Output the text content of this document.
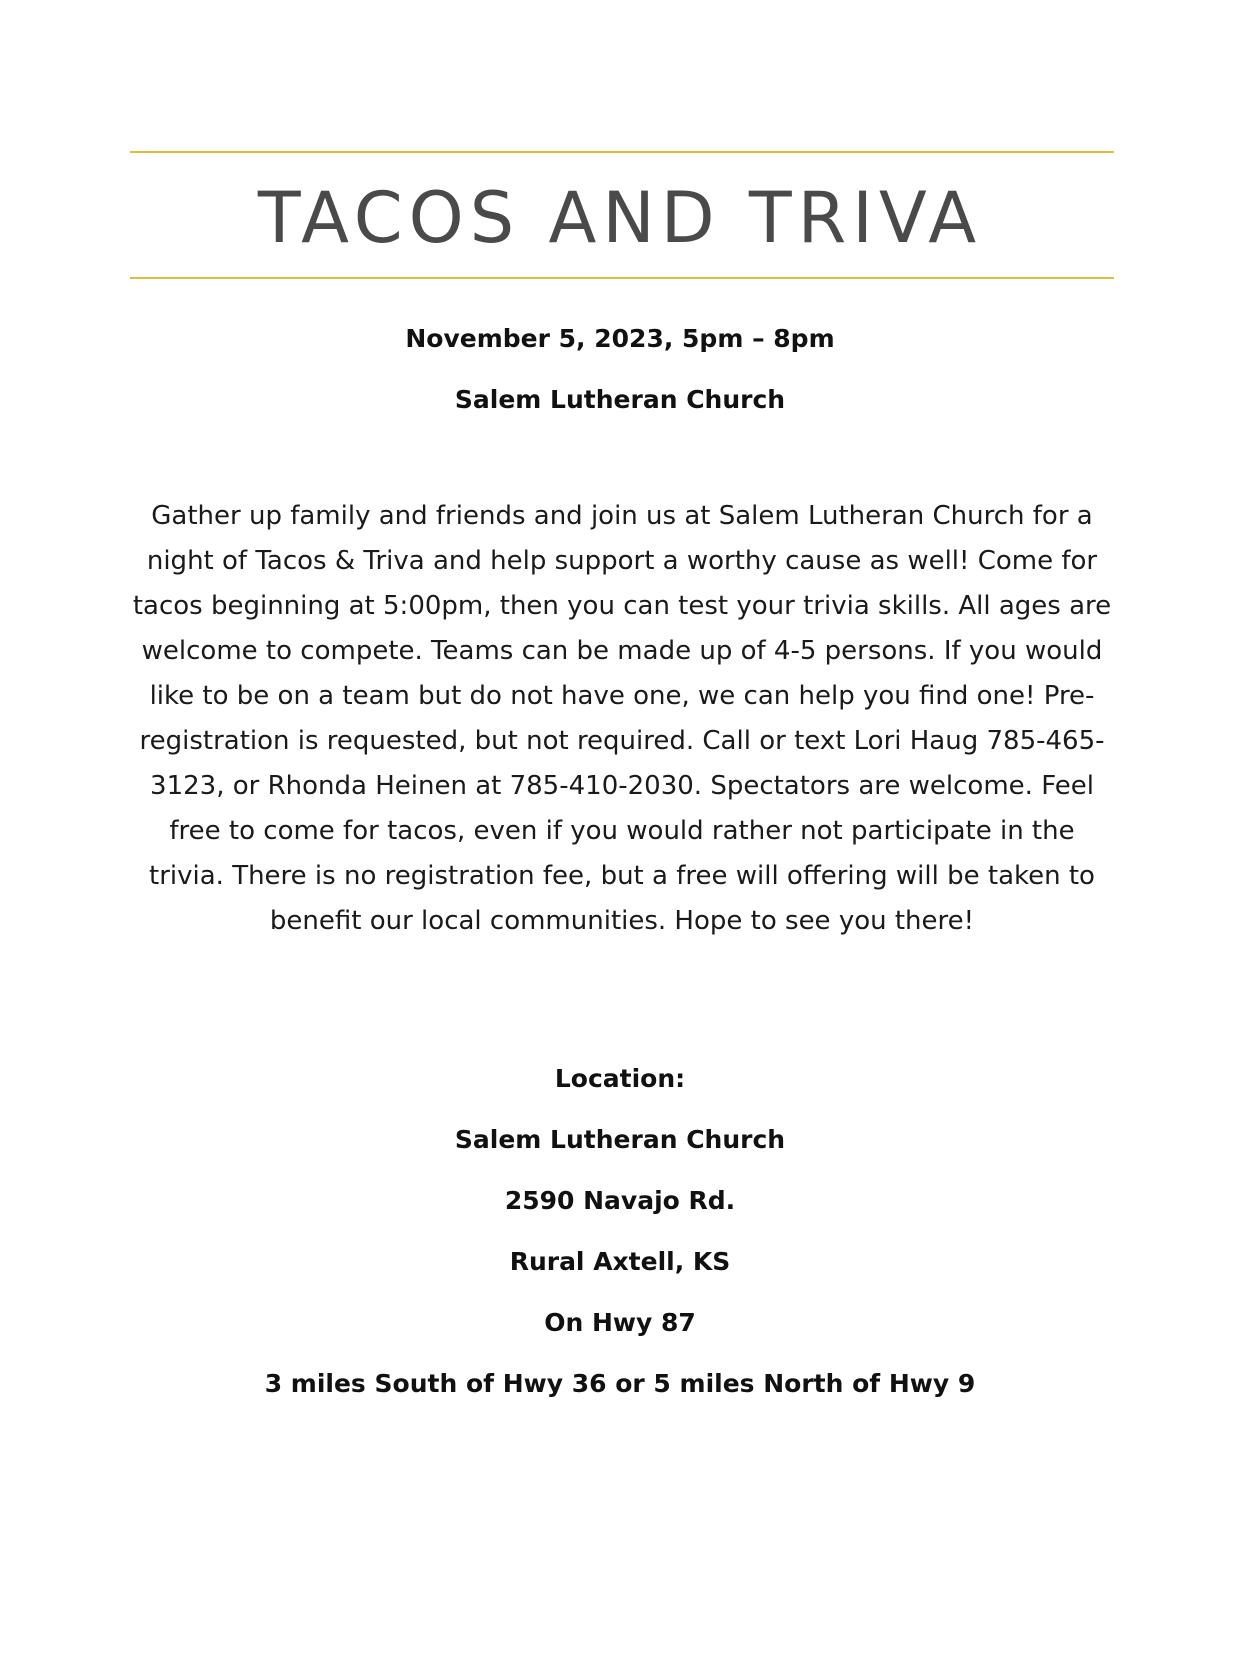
TACOS AND TRIVA
November 5, 2023, 5pm – 8pm
Salem Lutheran Church

Gather up family and friends and join us at Salem Lutheran Church for a night of Tacos & Triva and help support a worthy cause as well! Come for tacos beginning at 5:00pm, then you can test your trivia skills. All ages are welcome to compete. Teams can be made up of 4-5 persons. If you would like to be on a team but do not have one, we can help you find one! Pre-registration is requested, but not required. Call or text Lori Haug 785-465-3123, or Rhonda Heinen at 785-410-2030. Spectators are welcome. Feel free to come for tacos, even if you would rather not participate in the trivia. There is no registration fee, but a free will offering will be taken to benefit our local communities. Hope to see you there!

Location:
Salem Lutheran Church
2590 Navajo Rd.
Rural Axtell, KS
On Hwy 87
3 miles South of Hwy 36 or 5 miles North of Hwy 9
